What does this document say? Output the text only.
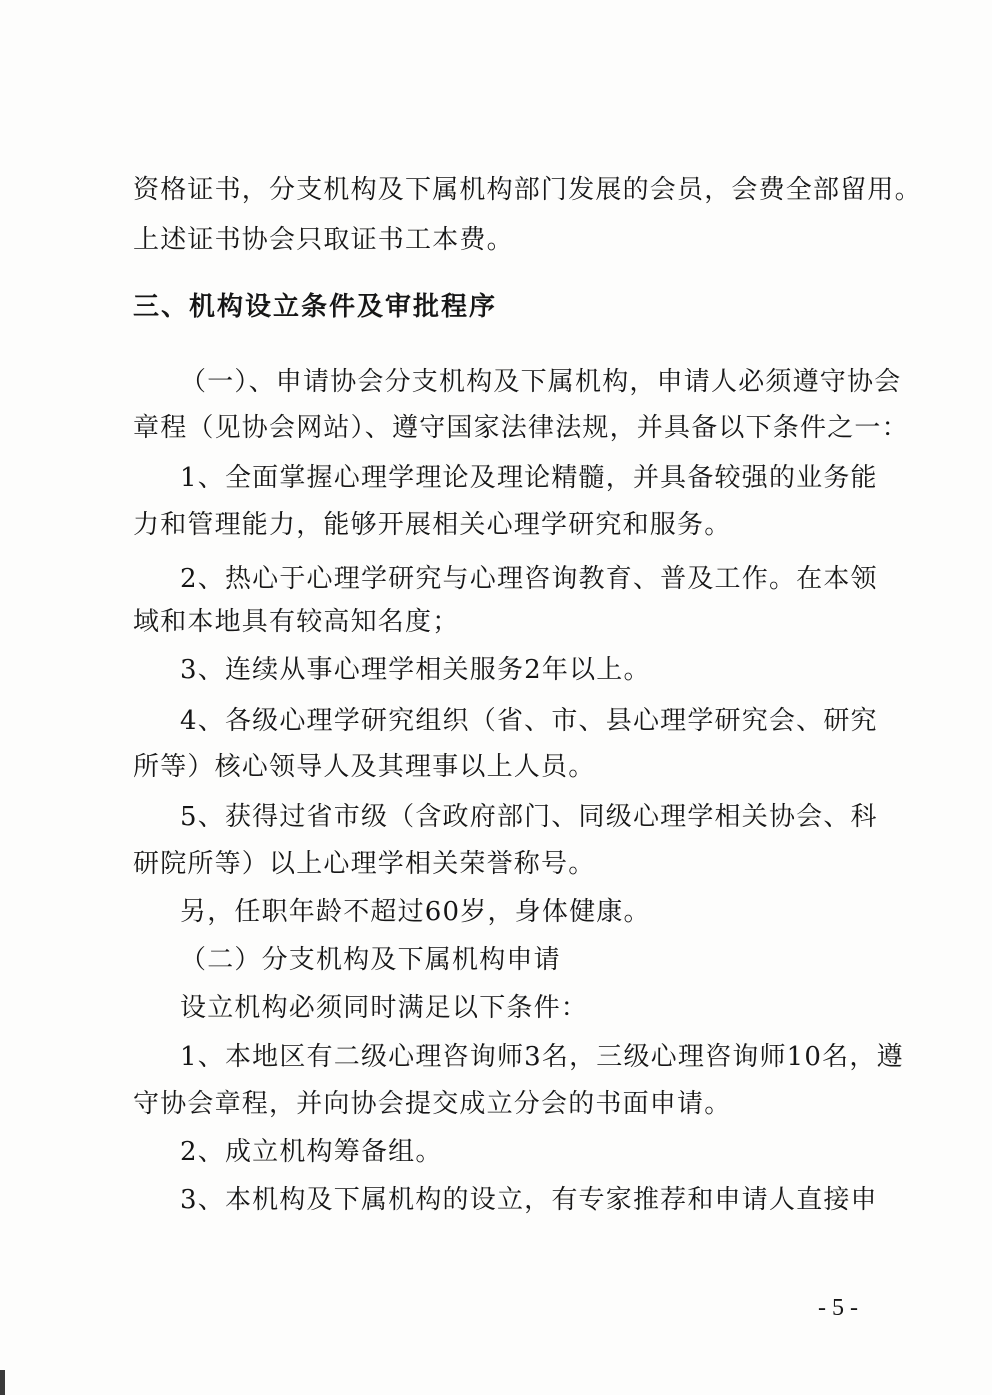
资格证书，分支机构及下属机构部门发展的会员，会费全部留用。
上述证书协会只取证书工本费。
三、机构设立条件及审批程序
（一）、申请协会分支机构及下属机构，申请人必须遵守协会
章程（见协会网站）、遵守国家法律法规，并具备以下条件之一：
1、全面掌握心理学理论及理论精髓，并具备较强的业务能
力和管理能力，能够开展相关心理学研究和服务。
2、热心于心理学研究与心理咨询教育、普及工作。在本领
域和本地具有较高知名度；
3、连续从事心理学相关服务2年以上。
4、各级心理学研究组织（省、市、县心理学研究会、研究
所等）核心领导人及其理事以上人员。
5、获得过省市级（含政府部门、同级心理学相关协会、科
研院所等）以上心理学相关荣誉称号。
另，任职年龄不超过60岁，身体健康。
（二）分支机构及下属机构申请
设立机构必须同时满足以下条件：
1、本地区有二级心理咨询师3名，三级心理咨询师10名，遵
守协会章程，并向协会提交成立分会的书面申请。
2、成立机构筹备组。
3、本机构及下属机构的设立，有专家推荐和申请人直接申
- 5 -
